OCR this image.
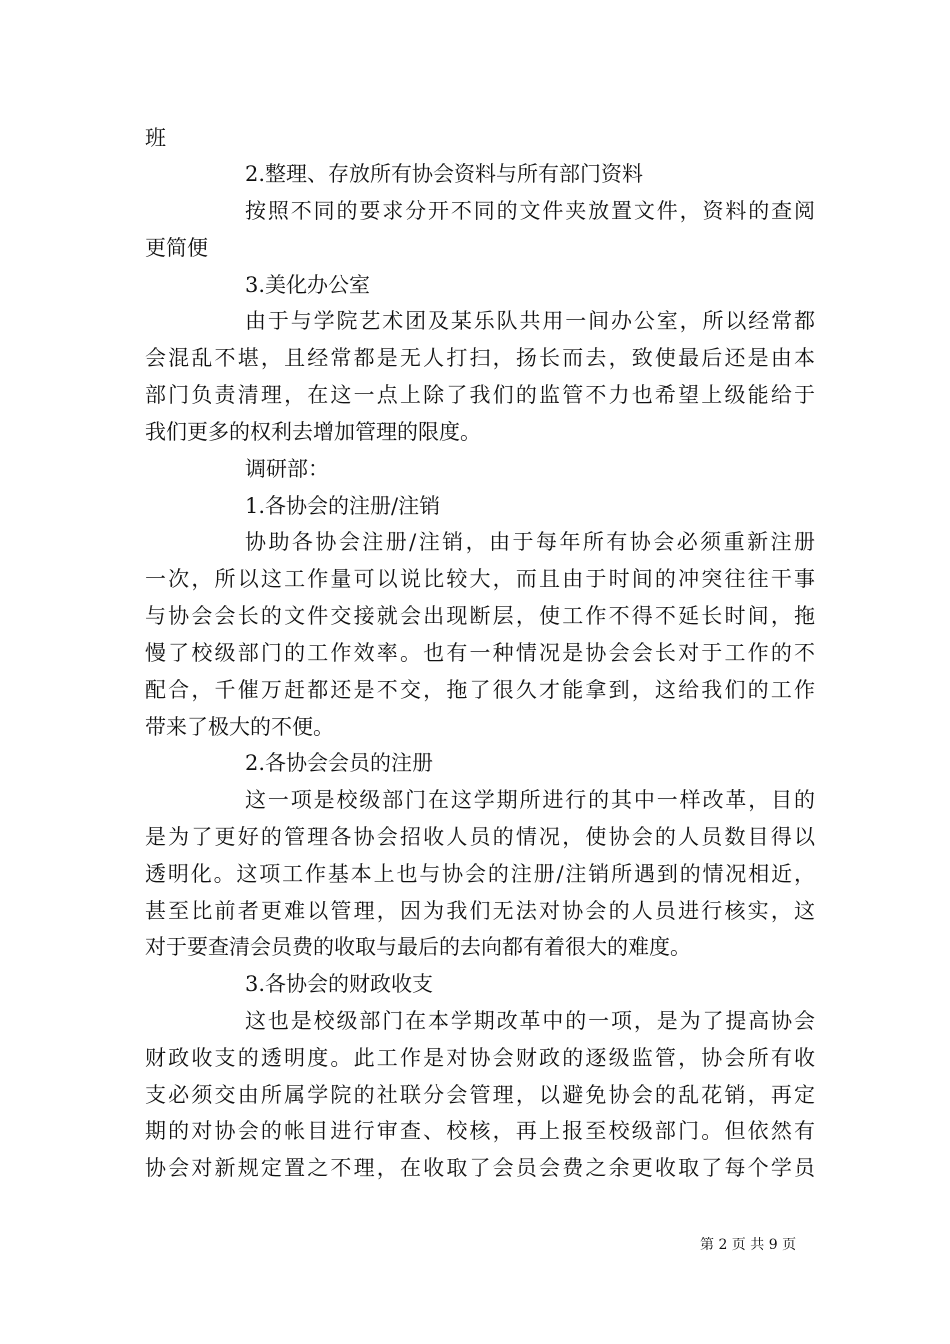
班
2.整理、存放所有协会资料与所有部门资料
按照不同的要求分开不同的文件夹放置文件，资料的查阅
更简便
3.美化办公室
由于与学院艺术团及某乐队共用一间办公室，所以经常都
会混乱不堪，且经常都是无人打扫，扬长而去，致使最后还是由本
部门负责清理，在这一点上除了我们的监管不力也希望上级能给于
我们更多的权利去增加管理的限度。
调研部：
1.各协会的注册/注销
协助各协会注册/注销，由于每年所有协会必须重新注册
一次，所以这工作量可以说比较大，而且由于时间的冲突往往干事
与协会会长的文件交接就会出现断层，使工作不得不延长时间，拖
慢了校级部门的工作效率。也有一种情况是协会会长对于工作的不
配合，千催万赶都还是不交，拖了很久才能拿到，这给我们的工作
带来了极大的不便。
2.各协会会员的注册
这一项是校级部门在这学期所进行的其中一样改革，目的
是为了更好的管理各协会招收人员的情况，使协会的人员数目得以
透明化。这项工作基本上也与协会的注册/注销所遇到的情况相近，
甚至比前者更难以管理，因为我们无法对协会的人员进行核实，这
对于要查清会员费的收取与最后的去向都有着很大的难度。
3.各协会的财政收支
这也是校级部门在本学期改革中的一项，是为了提高协会
财政收支的透明度。此工作是对协会财政的逐级监管，协会所有收
支必须交由所属学院的社联分会管理，以避免协会的乱花销，再定
期的对协会的帐目进行审查、校核，再上报至校级部门。但依然有
协会对新规定置之不理，在收取了会员会费之余更收取了每个学员
第 2 页 共 9 页
